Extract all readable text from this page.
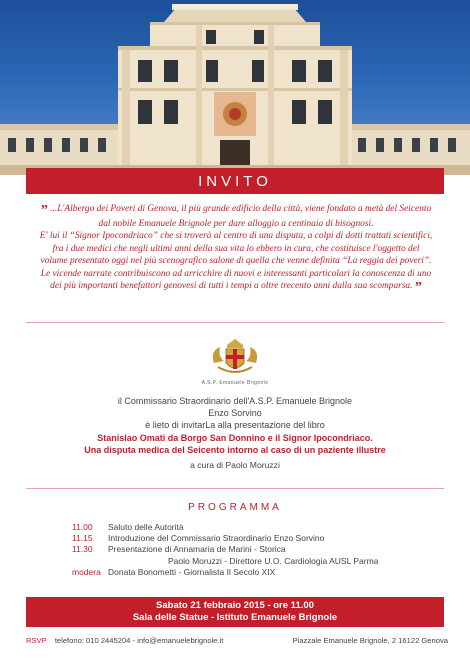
INVITO
” ...L'Albergo dei Poveri di Genova, il più grande edificio della città, viene fondato a metà del Seicento
dal nobile Emanuele Brignole per dare alloggio a centinaia di bisognosi.
E' lui il “Signor Ipocondriaco” che si troverà al centro di una disputa, a colpi di dotti trattati scientifici,
fra i due medici che negli ultimi anni della sua vita lo ebbero in cura, che costituisce l'oggetto del
volume presentato oggi nel più scenografico salone di quella che venne definita “La reggia dei poveri”.
Le vicende narrate contribuiscono ad arricchire di nuovi e interessanti particolari la conoscenza di uno
dei più importanti benefattori genovesi di tutti i tempi a oltre trecento anni dalla sua scomparsa. ”
A.S.P. Emanuele Brignole
il Commissario Straordinario dell'A.S.P. Emanuele Brignole
Enzo Sorvino
è lieto di invitarLa alla presentazione del libro
Stanislao Omati da Borgo San Donnino e il Signor Ipocondriaco.
Una disputa medica del Seicento intorno al caso di un paziente illustre
a cura di Paolo Moruzzi
PROGRAMMA
11.00	Saluto delle Autorità
11.15	Introduzione del Commissario Straordinario Enzo Sorvino
11.30	Presentazione di Annamaria de Marini - Storica
Paolo Moruzzi - Direttore U.O. Cardiologia AUSL Parma
modera Donata Bonometti - Giornalista Il Secolo XIX
Sabato 21 febbraio 2015 - ore 11.00
Sala delle Statue - Istituto Emanuele Brignole
RSVP telefono: 010 2445204 - info@emanuelebrignole.it	Piazzale Emanuele Brignole, 2 16122 Genova
